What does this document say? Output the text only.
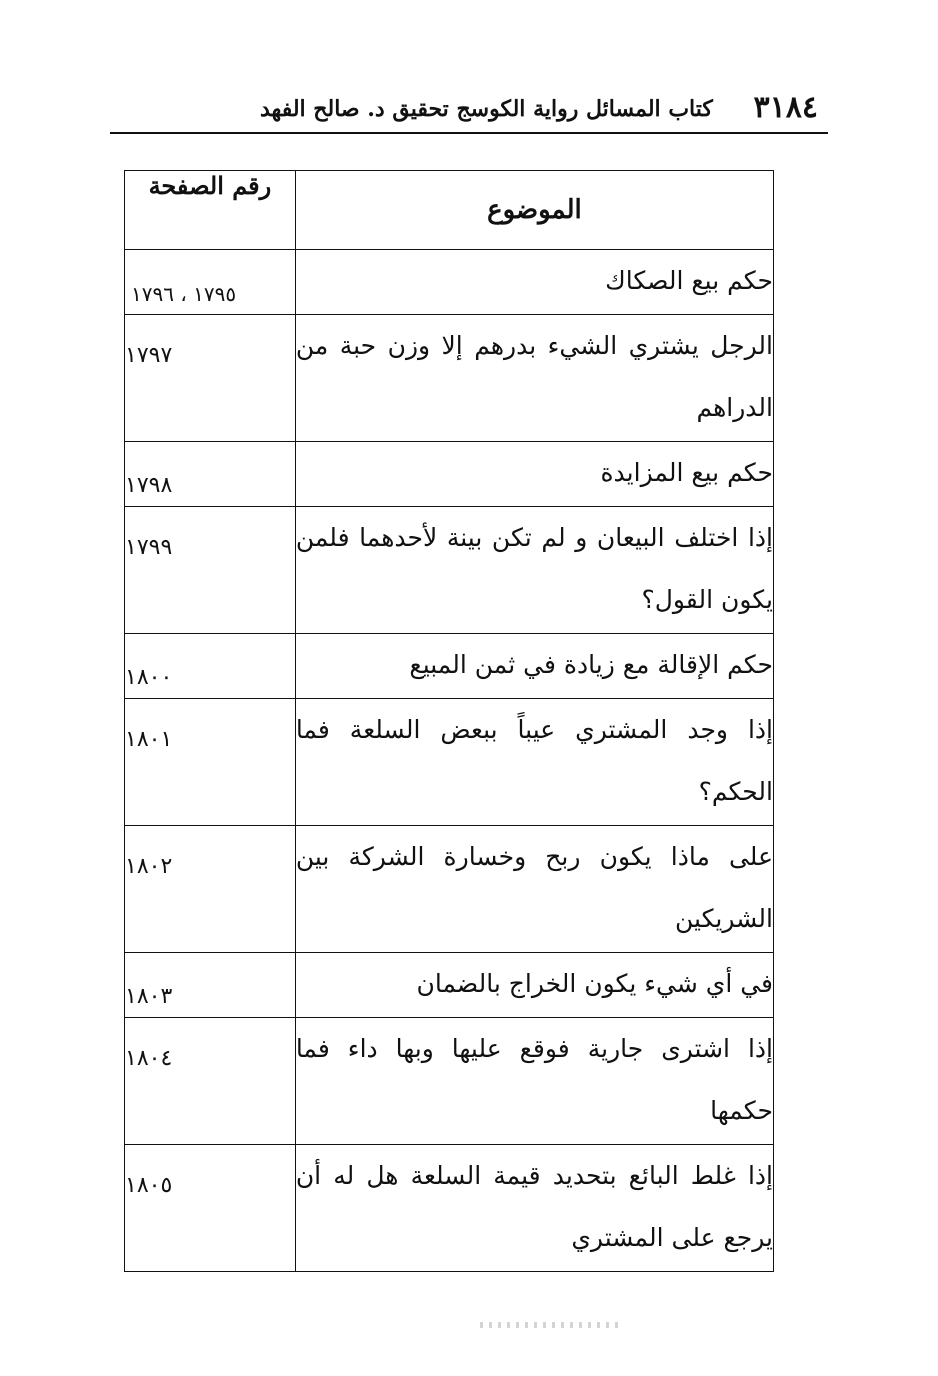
٣١٨٤
كتاب المسائل رواية الكوسج تحقيق د. صالح الفهد
الموضوع	رقم الصفحة
حكم بيع الصكاك	١٧٩٥ ، ١٧٩٦
الرجل يشتري الشيء بدرهم إلا وزن حبة من الدراهم	١٧٩٧
حكم بيع المزايدة	١٧٩٨
إذا اختلف البيعان و لم تكن بينة لأحدهما فلمن يكون القول؟	١٧٩٩
حكم الإقالة مع زيادة في ثمن المبيع	١٨٠٠
إذا وجد المشتري عيباً ببعض السلعة فما الحكم؟	١٨٠١
على ماذا يكون ربح وخسارة الشركة بين الشريكين	١٨٠٢
في أي شيء يكون الخراج بالضمان	١٨٠٣
إذا اشترى جارية فوقع عليها وبها داء فما حكمها	١٨٠٤
إذا غلط البائع بتحديد قيمة السلعة هل له أن يرجع على المشتري	١٨٠٥
